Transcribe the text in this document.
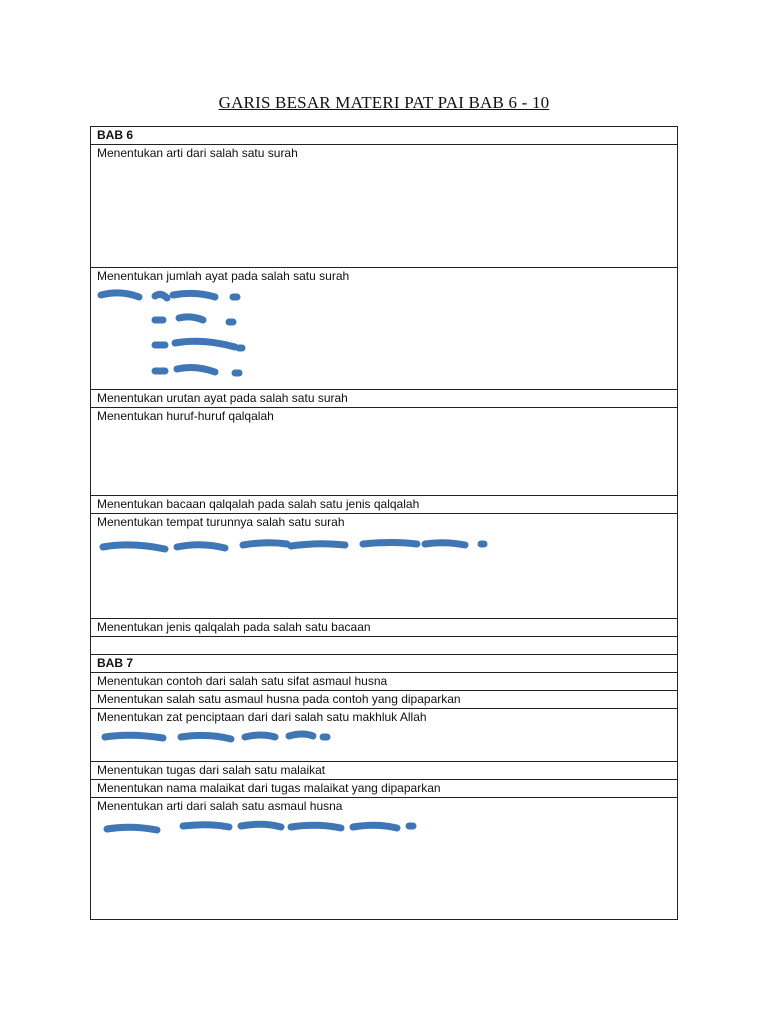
GARIS BESAR MATERI PAT PAI BAB 6 - 10
BAB 6
Menentukan arti dari salah satu surah
Menentukan jumlah ayat pada salah satu surah
Menentukan urutan ayat pada salah satu surah
Menentukan huruf-huruf qalqalah
Menentukan bacaan qalqalah pada salah satu jenis qalqalah
Menentukan tempat turunnya salah satu surah
Menentukan jenis qalqalah pada salah satu bacaan
BAB 7
Menentukan contoh dari salah satu sifat asmaul husna
Menentukan salah satu asmaul husna pada contoh yang dipaparkan
Menentukan zat penciptaan dari dari salah satu makhluk Allah
Menentukan tugas dari salah satu malaikat
Menentukan nama malaikat dari tugas malaikat yang dipaparkan
Menentukan arti dari salah satu asmaul husna
